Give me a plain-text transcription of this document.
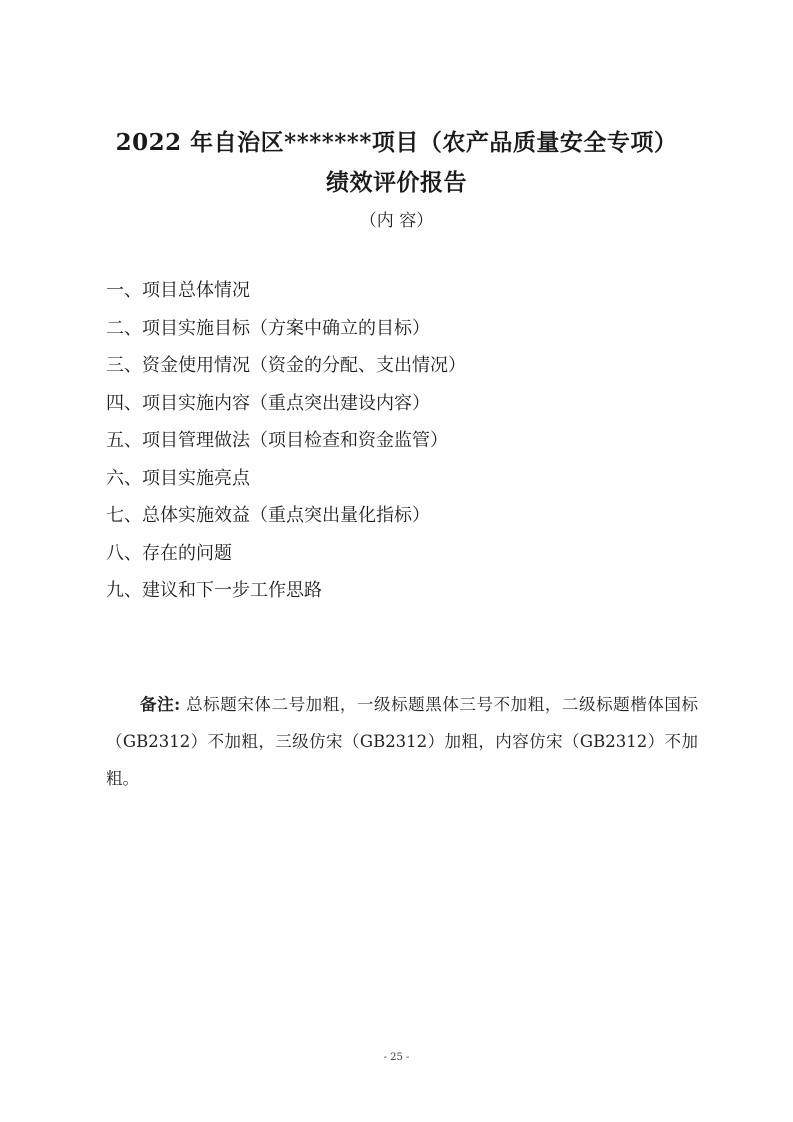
2022 年自治区*******项目（农产品质量安全专项）
绩效评价报告
（内 容）
一、项目总体情况
二、项目实施目标（方案中确立的目标）
三、资金使用情况（资金的分配、支出情况）
四、项目实施内容（重点突出建设内容）
五、项目管理做法（项目检查和资金监管）
六、项目实施亮点
七、总体实施效益（重点突出量化指标）
八、存在的问题
九、建议和下一步工作思路

备注: 总标题宋体二号加粗，一级标题黑体三号不加粗，二级标题楷体国标（GB2312）不加粗，三级仿宋（GB2312）加粗，内容仿宋（GB2312）不加粗。

- 25 -
